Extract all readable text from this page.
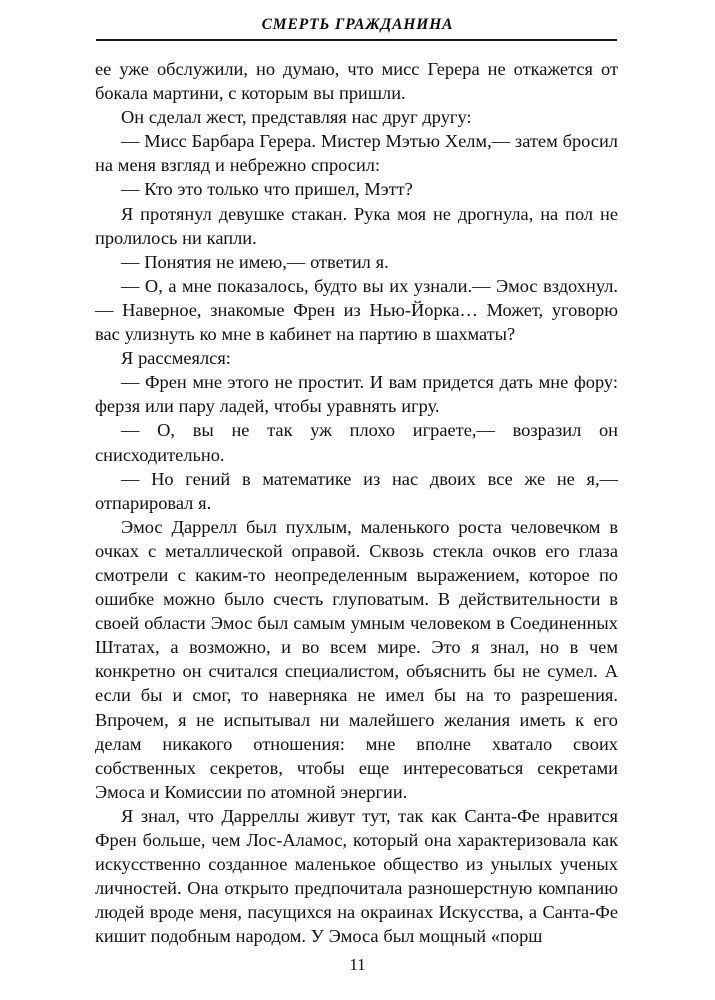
СМЕРТЬ ГРАЖДАНИНА

ее уже обслужили, но думаю, что мисс Герера не откажется от бокала мартини, с которым вы пришли.

Он сделал жест, представляя нас друг другу:

— Мисс Барбара Герера. Мистер Мэтью Хелм,— затем бросил на меня взгляд и небрежно спросил:

— Кто это только что пришел, Мэтт?

Я протянул девушке стакан. Рука моя не дрогнула, на пол не пролилось ни капли.

— Понятия не имею,— ответил я.

— О, а мне показалось, будто вы их узнали.— Эмос вздохнул.— Наверное, знакомые Френ из Нью-Йорка… Может, уговорю вас улизнуть ко мне в кабинет на партию в шахматы?

Я рассмеялся:

— Френ мне этого не простит. И вам придется дать мне фору: ферзя или пару ладей, чтобы уравнять игру.

— О, вы не так уж плохо играете,— возразил он снисходительно.

— Но гений в математике из нас двоих все же не я,— отпарировал я.

Эмос Даррелл был пухлым, маленького роста человечком в очках с металлической оправой. Сквозь стекла очков его глаза смотрели с каким-то неопределенным выражением, которое по ошибке можно было счесть глуповатым. В действительности в своей области Эмос был самым умным человеком в Соединенных Штатах, а возможно, и во всем мире. Это я знал, но в чем конкретно он считался специалистом, объяснить бы не сумел. А если бы и смог, то наверняка не имел бы на то разрешения. Впрочем, я не испытывал ни малейшего желания иметь к его делам никакого отношения: мне вполне хватало своих собственных секретов, чтобы еще интересоваться секретами Эмоса и Комиссии по атомной энергии.

Я знал, что Дарреллы живут тут, так как Санта-Фе нравится Френ больше, чем Лос-Аламос, который она характеризовала как искусственно созданное маленькое общество из унылых ученых личностей. Она открыто предпочитала разношерстную компанию людей вроде меня, пасущихся на окраинах Искусства, а Санта-Фе кишит подобным народом. У Эмоса был мощный «порш

11
